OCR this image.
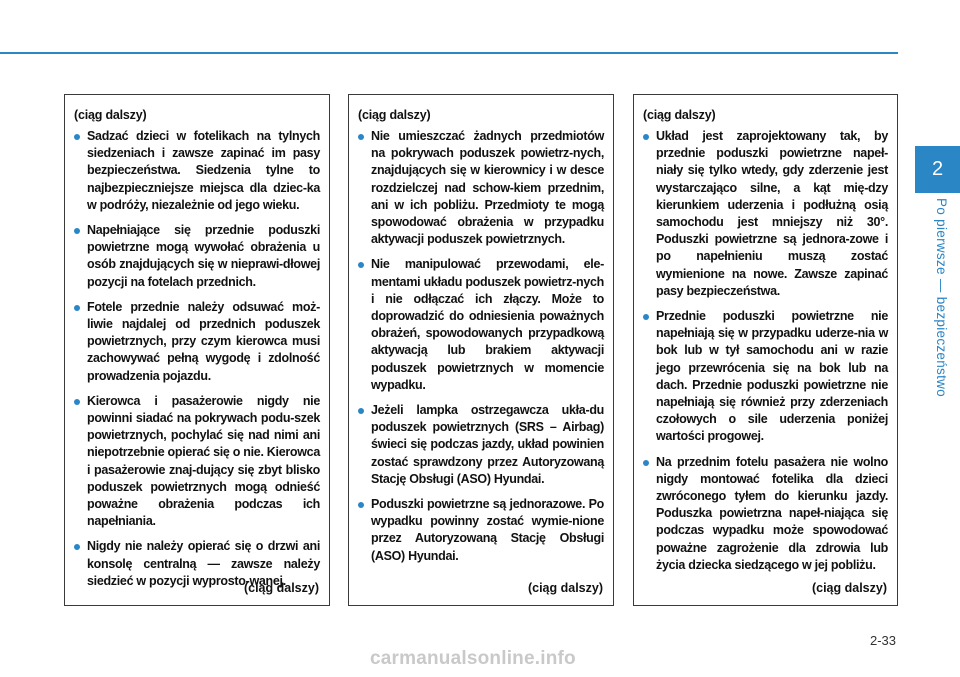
(ciąg dalszy)
Sadzać dzieci w fotelikach na tylnych siedzeniach i zawsze zapinać im pasy bezpieczeństwa. Siedzenia tylne to najbezpieczniejsze miejsca dla dziec-ka w podróży, niezależnie od jego wieku.
Napełniające się przednie poduszki powietrzne mogą wywołać obrażenia u osób znajdujących się w nieprawi-dłowej pozycji na fotelach przednich.
Fotele przednie należy odsuwać moż-liwie najdalej od przednich poduszek powietrznych, przy czym kierowca musi zachowywać pełną wygodę i zdolność prowadzenia pojazdu.
Kierowca i pasażerowie nigdy nie powinni siadać na pokrywach podu-szek powietrznych, pochylać się nad nimi ani niepotrzebnie opierać się o nie. Kierowca i pasażerowie znaj-dujący się zbyt blisko poduszek powietrznych mogą odnieść poważne obrażenia podczas ich napełniania.
Nigdy nie należy opierać się o drzwi ani konsolę centralną — zawsze należy siedzieć w pozycji wyprosto-wanej.
(ciąg dalszy)
(ciąg dalszy)
Nie umieszczać żadnych przedmiotów na pokrywach poduszek powietrz-nych, znajdujących się w kierownicy i w desce rozdzielczej nad schow-kiem przednim, ani w ich pobliżu. Przedmioty te mogą spowodować obrażenia w przypadku aktywacji poduszek powietrznych.
Nie manipulować przewodami, ele-mentami układu poduszek powietrz-nych i nie odłączać ich złączy. Może to doprowadzić do odniesienia poważnych obrażeń, spowodowanych przypadkową aktywacją lub brakiem aktywacji poduszek powietrznych w momencie wypadku.
Jeżeli lampka ostrzegawcza ukła-du poduszek powietrznych (SRS – Airbag) świeci się podczas jazdy, układ powinien zostać sprawdzony przez Autoryzowaną Stację Obsługi (ASO) Hyundai.
Poduszki powietrzne są jednorazowe. Po wypadku powinny zostać wymie-nione przez Autoryzowaną Stację Obsługi (ASO) Hyundai.
(ciąg dalszy)
(ciąg dalszy)
Układ jest zaprojektowany tak, by przednie poduszki powietrzne napeł-niały się tylko wtedy, gdy zderzenie jest wystarczająco silne, a kąt mię-dzy kierunkiem uderzenia i podłużną osią samochodu jest mniejszy niż 30°. Poduszki powietrzne są jednora-zowe i po napełnieniu muszą zostać wymienione na nowe. Zawsze zapinać pasy bezpieczeństwa.
Przednie poduszki powietrzne nie napełniają się w przypadku uderze-nia w bok lub w tył samochodu ani w razie jego przewrócenia się na bok lub na dach. Przednie poduszki powietrzne nie napełniają się również przy zderzeniach czołowych o sile uderzenia poniżej wartości progowej.
Na przednim fotelu pasażera nie wolno nigdy montować fotelika dla dzieci zwróconego tyłem do kierunku jazdy. Poduszka powietrzna napeł-niająca się podczas wypadku może spowodować poważne zagrożenie dla zdrowia lub życia dziecka siedzącego w jej pobliżu.
(ciąg dalszy)
2
Po pierwsze — bezpieczeństwo
2-33
carmanualsonline.info
